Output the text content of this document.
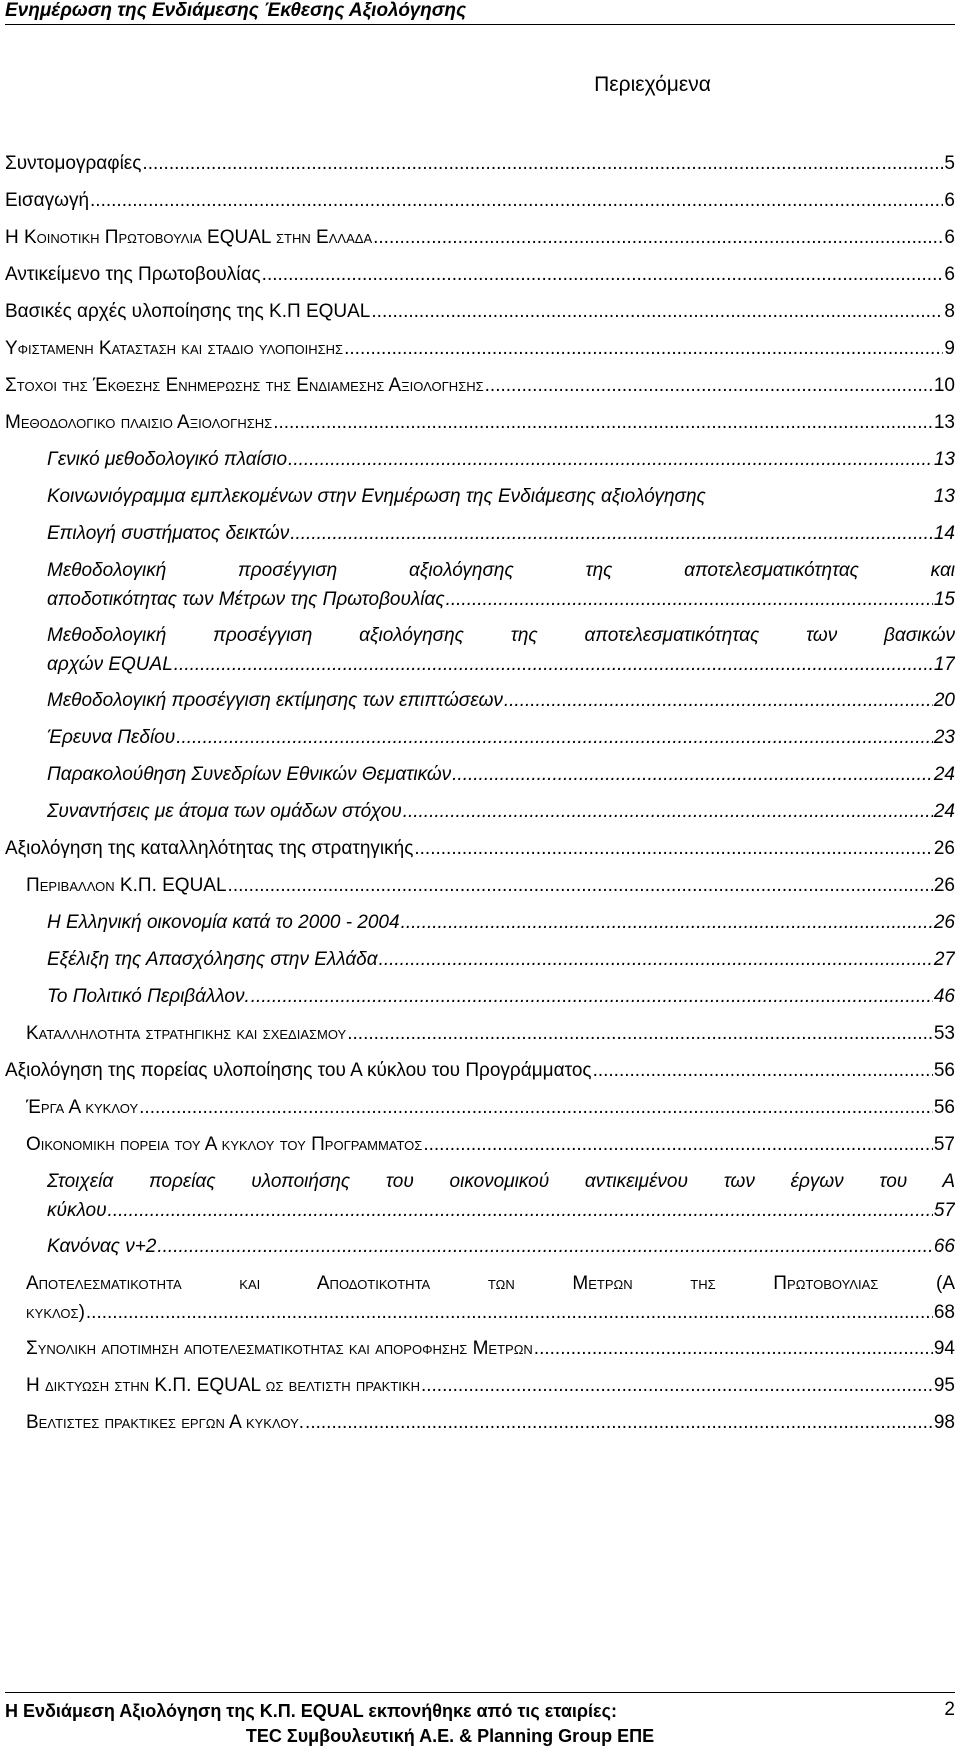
Ενημέρωση της Ενδιάμεσης Έκθεσης Αξιολόγησης
Περιεχόμενα
Συντομογραφίες .....	5
Εισαγωγή .....	6
Η Κοινοτικη Πρωτοβουλια EQUAL στην Ελλαδα .....	6
Αντικείμενο της Πρωτοβουλίας .....	6
Βασικές αρχές υλοποίησης της Κ.Π EQUAL .....	8
Υφισταμενη Κατασταση και σταδιο υλοποιησης .....	9
Στοχοι της Έκθεσης Ενημερωσης της Ενδιαμεσης Αξιολογησης .....	10
Μεθοδολογικο πλαισιο Αξιολογησης .....	13
Γενικό μεθοδολογικό πλαίσιο .....	13
Κοινωνιόγραμμα εμπλεκομένων στην Ενημέρωση της Ενδιάμεσης αξιολόγησης	13
Επιλογή συστήματος δεικτών .....	14
Μεθοδολογική προσέγγιση αξιολόγησης της αποτελεσματικότητας και
αποδοτικότητας των Μέτρων της Πρωτοβουλίας .....	15
Μεθοδολογική προσέγγιση αξιολόγησης της αποτελεσματικότητας των βασικών
αρχών EQUAL .....	17
Μεθοδολογική προσέγγιση εκτίμησης των επιπτώσεων .....	20
Έρευνα Πεδίου .....	23
Παρακολούθηση Συνεδρίων Εθνικών Θεματικών .....	24
Συναντήσεις με άτομα των ομάδων στόχου .....	24
Αξιολόγηση της καταλληλότητας της στρατηγικής .....	26
Περιβαλλον Κ.Π. EQUAL .....	26
Η Ελληνική οικονομία κατά το 2000 - 2004 .....	26
Εξέλιξη της Απασχόλησης στην Ελλάδα .....	27
Το Πολιτικό Περιβάλλον. .....	46
Καταλληλοτητα στρατηγικης και σχεδιασμου .....	53
Αξιολόγηση της πορείας υλοποίησης του Α κύκλου του Προγράμματος .....	56
Έργα Α κυκλου .....	56
Οικονομικη πορεια του Α κυκλου του Προγραμματος .....	57
Στοιχεία πορείας υλοποιήσης του οικονομικού αντικειμένου των έργων του Α
κύκλου .....	57
Κανόνας ν+2 .....	66
Αποτελεσματικοτητα και Αποδοτικοτητα των Μετρων της Πρωτοβουλιας (Α
κυκλος) .....	68
Συνολικη αποτιμηση αποτελεσματικοτητας και αποροφησης Μετρων .....	94
Η δικτυωση στην Κ.Π. EQUAL ως βελτιστη πρακτικη .....	95
Βελτιστες πρακτικες εργων Α κυκλου. .....	98
Η Ενδιάμεση Αξιολόγηση της Κ.Π. EQUAL εκπονήθηκε από τις εταιρίες:
TEC Συμβουλευτική Α.Ε. & Planning Group ΕΠΕ
2
